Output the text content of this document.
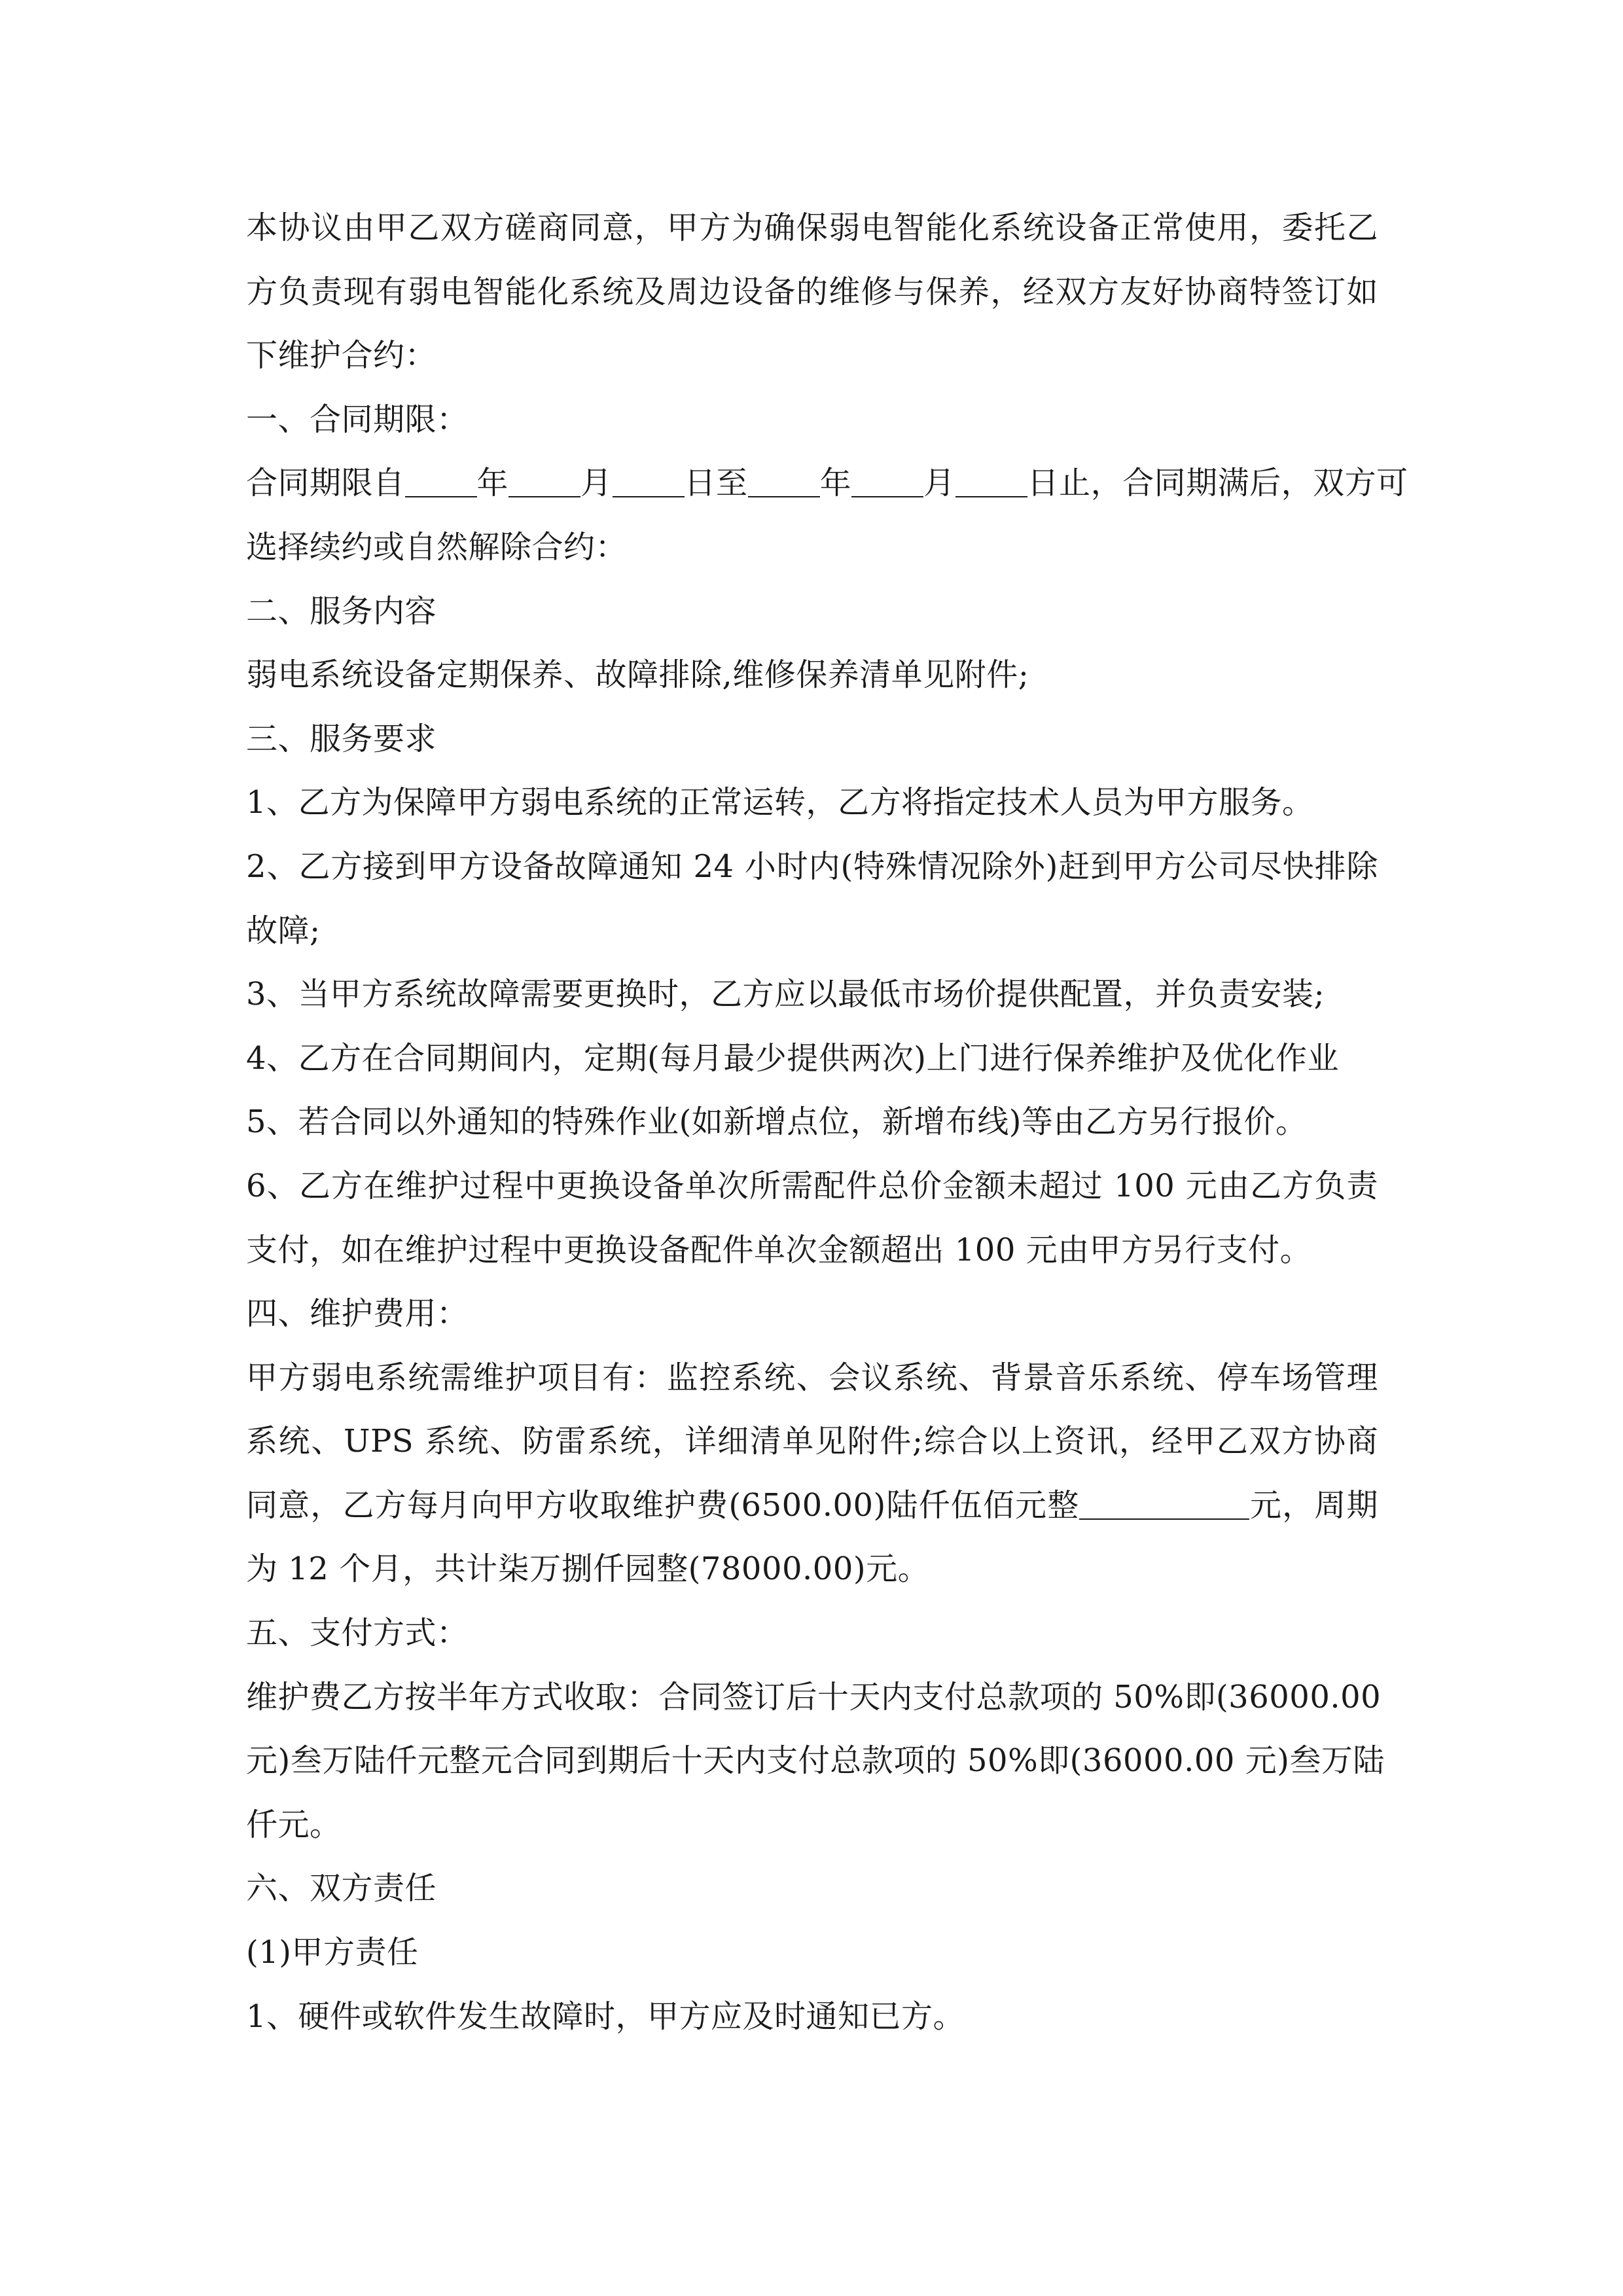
本协议由甲乙双方磋商同意，甲方为确保弱电智能化系统设备正常使用，委托乙
方负责现有弱电智能化系统及周边设备的维修与保养，经双方友好协商特签订如
下维护合约：
一、合同期限：
合同期限自 年 月 日至 年 月 日止，合同期满后，双方可
选择续约或自然解除合约：
二、服务内容
弱电系统设备定期保养、故障排除,维修保养清单见附件;
三、服务要求
1、乙方为保障甲方弱电系统的正常运转，乙方将指定技术人员为甲方服务。
2、乙方接到甲方设备故障通知 24 小时内(特殊情况除外)赶到甲方公司尽快排除
故障;
3、当甲方系统故障需要更换时，乙方应以最低市场价提供配置，并负责安装;
4、乙方在合同期间内，定期(每月最少提供两次)上门进行保养维护及优化作业
5、若合同以外通知的特殊作业(如新增点位，新增布线)等由乙方另行报价。
6、乙方在维护过程中更换设备单次所需配件总价金额未超过 100 元由乙方负责
支付，如在维护过程中更换设备配件单次金额超出 100 元由甲方另行支付。
四、维护费用：
甲方弱电系统需维护项目有：监控系统、会议系统、背景音乐系统、停车场管理
系统、UPS 系统、防雷系统，详细清单见附件;综合以上资讯，经甲乙双方协商
同意，乙方每月向甲方收取维护费(6500.00)陆仟伍佰元整	元，周期
为 12 个月，共计柒万捌仟园整(78000.00)元。
五、支付方式：
维护费乙方按半年方式收取：合同签订后十天内支付总款项的 50%即(36000.00
元)叁万陆仟元整元合同到期后十天内支付总款项的 50%即(36000.00 元)叁万陆
仟元。
六、双方责任
(1)甲方责任
1、硬件或软件发生故障时，甲方应及时通知已方。
